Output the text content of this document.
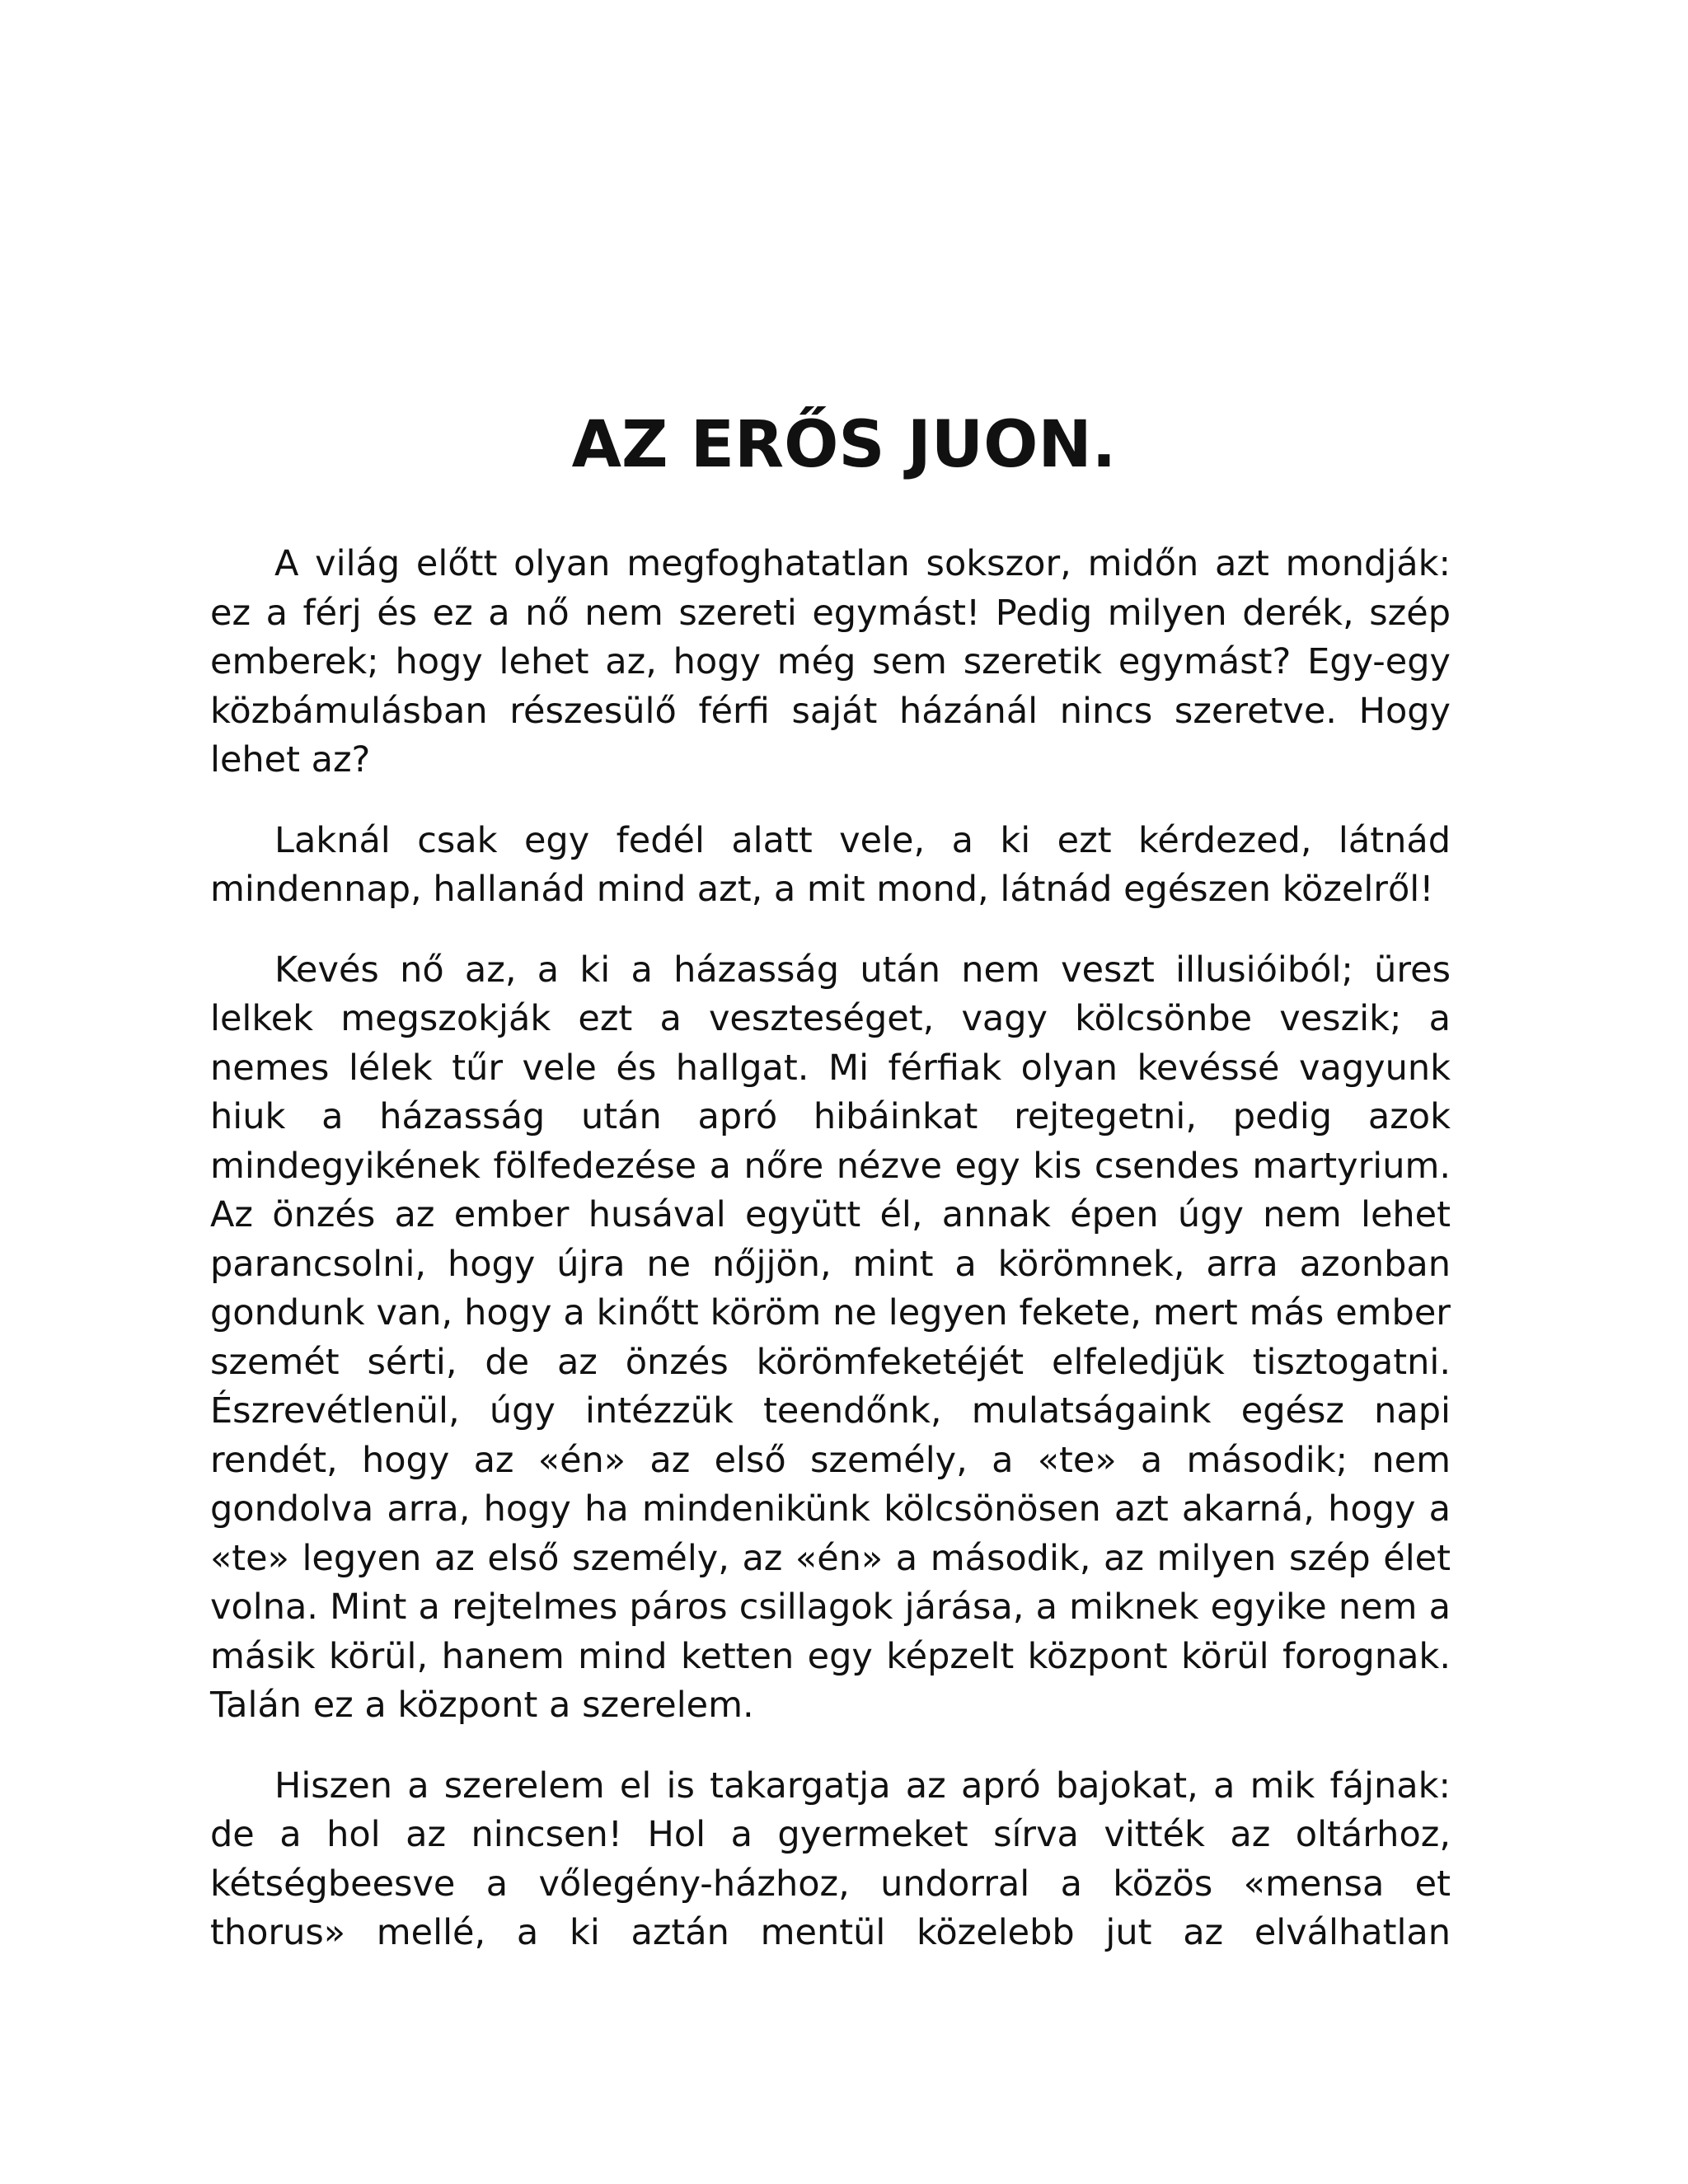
AZ ERŐS JUON.

A világ előtt olyan megfoghatatlan sokszor, midőn azt mondják: ez a férj és ez a nő nem szereti egymást! Pedig milyen derék, szép emberek; hogy lehet az, hogy még sem szeretik egymást? Egy-egy közbámulásban részesülő férfi saját házánál nincs szeretve. Hogy lehet az?

Laknál csak egy fedél alatt vele, a ki ezt kérdezed, látnád mindennap, hallanád mind azt, a mit mond, látnád egészen közelről!

Kevés nő az, a ki a házasság után nem veszt illusióiból; üres lelkek megszokják ezt a veszteséget, vagy kölcsönbe veszik; a nemes lélek tűr vele és hallgat. Mi férfiak olyan kevéssé vagyunk hiuk a házasság után apró hibáinkat rejtegetni, pedig azok mindegyikének fölfedezése a nőre nézve egy kis csendes martyrium. Az önzés az ember husával együtt él, annak épen úgy nem lehet parancsolni, hogy újra ne nőjjön, mint a körömnek, arra azonban gondunk van, hogy a kinőtt köröm ne legyen fekete, mert más ember szemét sérti, de az önzés körömfeketéjét elfeledjük tisztogatni. Észrevétlenül, úgy intézzük teendőnk, mulatságaink egész napi rendét, hogy az «én» az első személy, a «te» a második; nem gondolva arra, hogy ha mindenikünk kölcsönösen azt akarná, hogy a «te» legyen az első személy, az «én» a második, az milyen szép élet volna. Mint a rejtelmes páros csillagok járása, a miknek egyike nem a másik körül, hanem mind ketten egy képzelt központ körül forognak. Talán ez a központ a szerelem.

Hiszen a szerelem el is takargatja az apró bajokat, a mik fájnak: de a hol az nincsen! Hol a gyermeket sírva vitték az oltárhoz, kétségbeesve a vőlegény-házhoz, undorral a közös «mensa et thorus» mellé, a ki aztán mentül közelebb jut az elválhatlan
